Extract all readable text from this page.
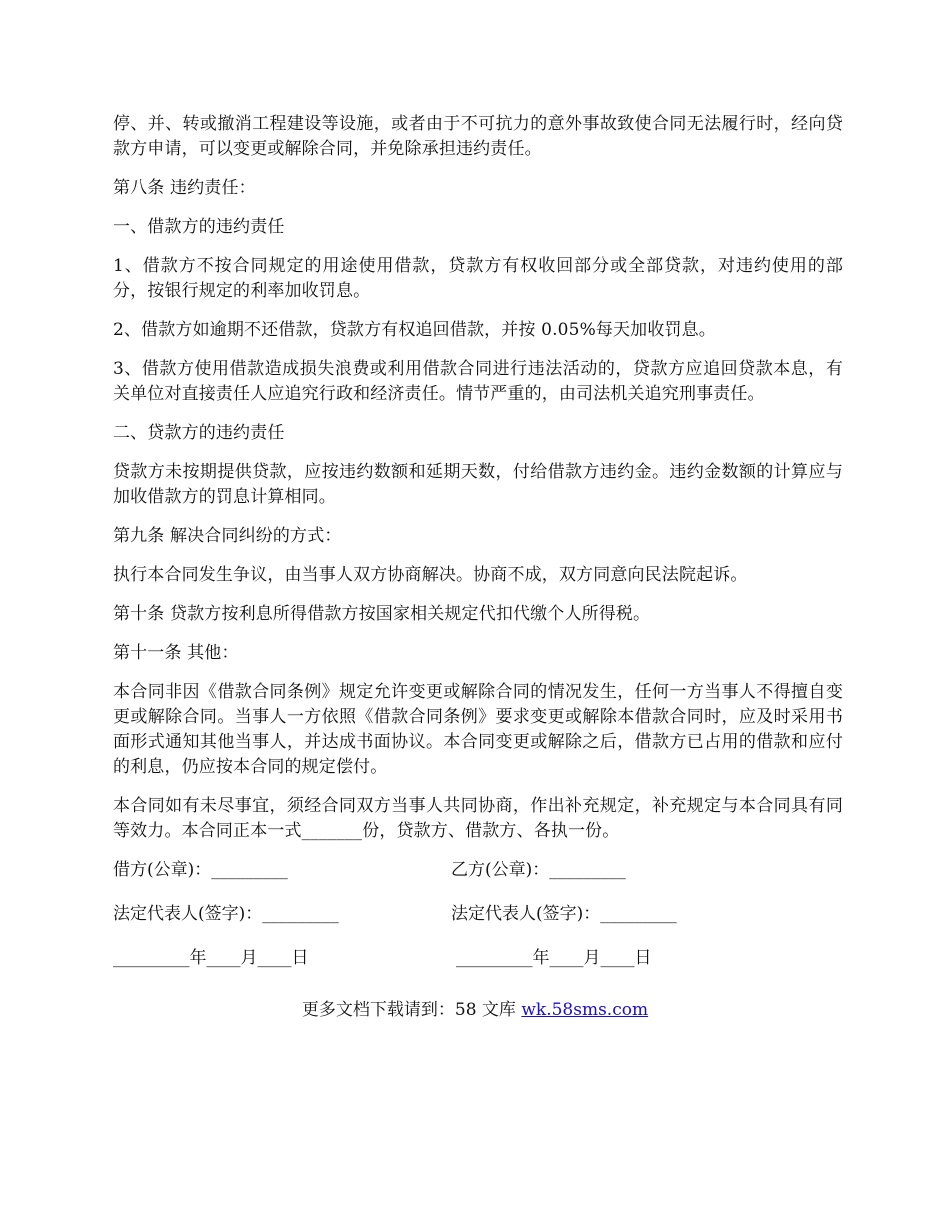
停、并、转或撤消工程建设等设施，或者由于不可抗力的意外事故致使合同无法履行时，经向贷款方申请，可以变更或解除合同，并免除承担违约责任。

第八条 违约责任：

一、借款方的违约责任

1、借款方不按合同规定的用途使用借款，贷款方有权收回部分或全部贷款，对违约使用的部分，按银行规定的利率加收罚息。

2、借款方如逾期不还借款，贷款方有权追回借款，并按 0.05%每天加收罚息。

3、借款方使用借款造成损失浪费或利用借款合同进行违法活动的，贷款方应追回贷款本息，有关单位对直接责任人应追究行政和经济责任。情节严重的，由司法机关追究刑事责任。

二、贷款方的违约责任

贷款方未按期提供贷款，应按违约数额和延期天数，付给借款方违约金。违约金数额的计算应与加收借款方的罚息计算相同。

第九条 解决合同纠纷的方式：

执行本合同发生争议，由当事人双方协商解决。协商不成，双方同意向民法院起诉。

第十条 贷款方按利息所得借款方按国家相关规定代扣代缴个人所得税。

第十一条 其他：

本合同非因《借款合同条例》规定允许变更或解除合同的情况发生，任何一方当事人不得擅自变更或解除合同。当事人一方依照《借款合同条例》要求变更或解除本借款合同时，应及时采用书面形式通知其他当事人，并达成书面协议。本合同变更或解除之后，借款方已占用的借款和应付的利息，仍应按本合同的规定偿付。

本合同如有未尽事宜，须经合同双方当事人共同协商，作出补充规定，补充规定与本合同具有同等效力。本合同正本一式_______份，贷款方、借款方、各执一份。

借方(公章)：_________	乙方(公章)：_________
法定代表人(签字)：_________	法定代表人(签字)：_________
_________年____月____日	_________年____月____日
更多文档下载请到：58 文库 wk.58sms.com
